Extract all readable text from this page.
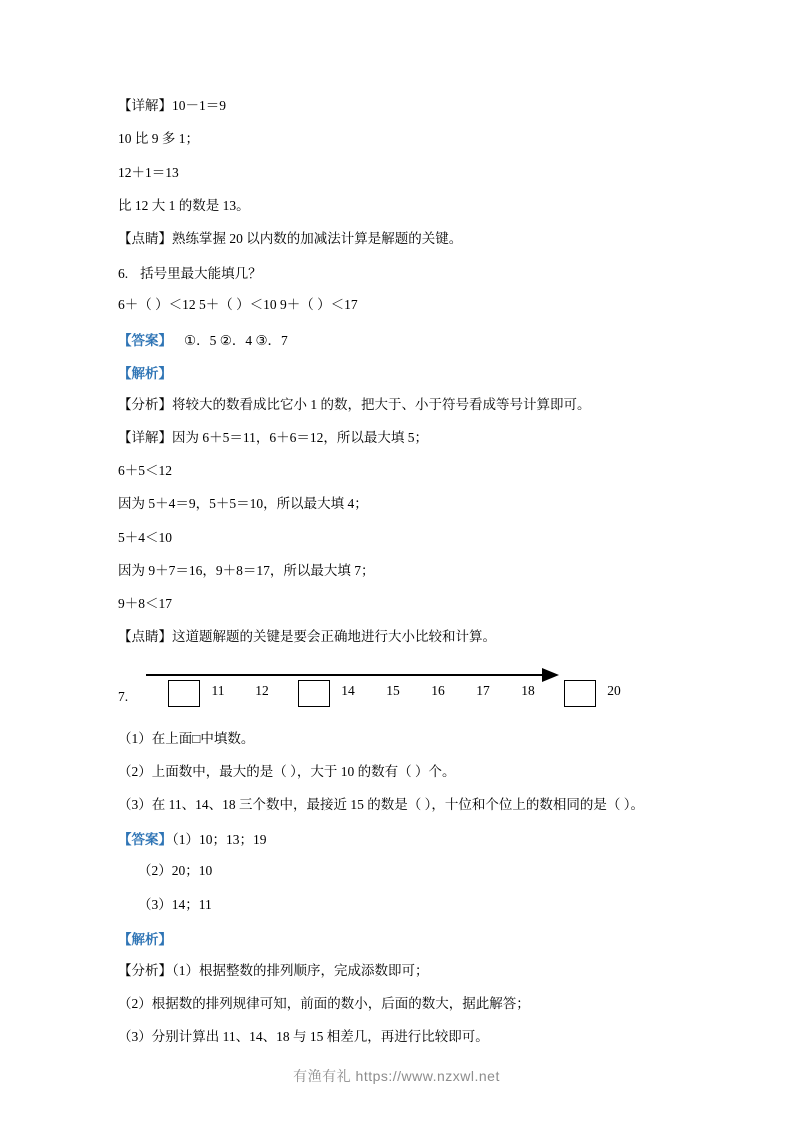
【详解】10－1＝9
10 比 9 多 1；
12＋1＝13
比 12 大 1 的数是 13。
【点睛】熟练掌握 20 以内数的加减法计算是解题的关键。
6. 括号里最大能填几？
6＋（ ）＜12 5＋（ ）＜10 9＋（ ）＜17
【答案】 ①．5 ②．4 ③．7
【解析】
【分析】将较大的数看成比它小 1 的数，把大于、小于符号看成等号计算即可。
【详解】因为 6＋5＝11，6＋6＝12，所以最大填 5；
6＋5＜12
因为 5＋4＝9，5＋5＝10，所以最大填 4；
5＋4＜10
因为 9＋7＝16，9＋8＝17，所以最大填 7；
9＋8＜17
【点睛】这道题解题的关键是要会正确地进行大小比较和计算。
7.	11	12	14	15	16	17	18	20
（1）在上面□中填数。
（2）上面数中，最大的是（ ），大于 10 的数有（ ）个。
（3）在 11、14、18 三个数中，最接近 15 的数是（ ），十位和个位上的数相同的是（ ）。
【答案】（1）10；13；19
（2）20；10
（3）14；11
【解析】
【分析】（1）根据整数的排列顺序，完成添数即可；
（2）根据数的排列规律可知，前面的数小，后面的数大，据此解答；
（3）分别计算出 11、14、18 与 15 相差几，再进行比较即可。
有渔有礼 https://www.nzxwl.net
